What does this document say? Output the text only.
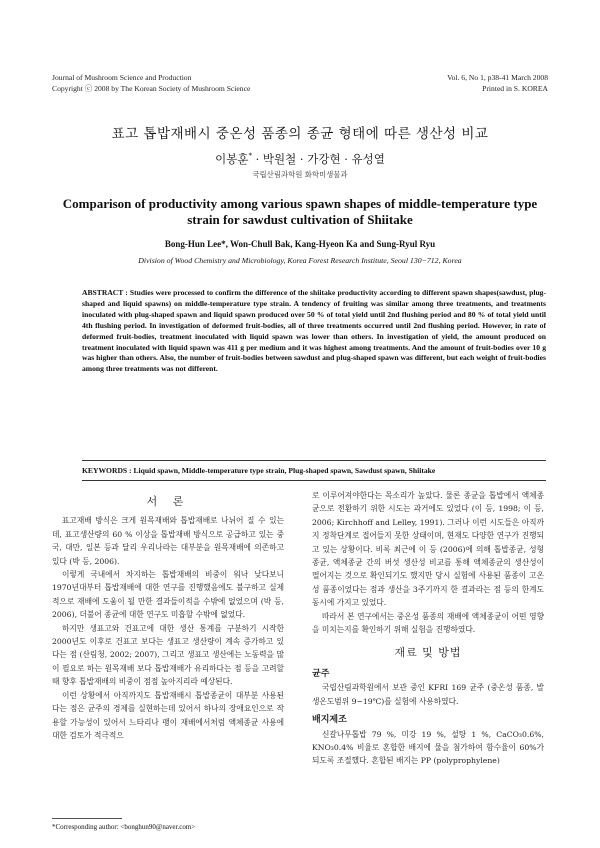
Journal of Mushroom Science and Production
Copyright ⓒ 2008 by The Korean Society of Mushroom Science
Vol. 6, No 1, p38-41 March 2008
Printed in S. KOREA
표고 톱밥재배시 중온성 품종의 종균 형태에 따른 생산성 비교
이봉훈* · 박원철 · 가강현 · 유성열
국립산림과학원 화학미생물과
Comparison of productivity among various spawn shapes of middle-temperature type strain for sawdust cultivation of Shiitake
Bong-Hun Lee*, Won-Chull Bak, Kang-Hyeon Ka and Sung-Ryul Ryu
Division of Wood Chemistry and Microbiology, Korea Forest Research Institute, Seoul 130−712, Korea
ABSTRACT : Studies were processed to confirm the difference of the shiitake productivity according to different spawn shapes(sawdust, plug-shaped and liquid spawns) on middle-temperature type strain. A tendency of fruiting was similar among three treatments, and treatments inoculated with plug-shaped spawn and liquid spawn produced over 50 % of total yield until 2nd flushing period and 80 % of total yield until 4th flushing period. In investigation of deformed fruit-bodies, all of three treatments occurred until 2nd flushing period. However, in rate of deformed fruit-bodies, treatment inoculated with liquid spawn was lower than others. In investigation of yield, the amount produced on treatment inoculated with liquid spawn was 411 g per medium and it was highest among treatments. And the amount of fruit-bodies over 10 g was higher than others. Also, the number of fruit-bodies between sawdust and plug-shaped spawn was different, but each weight of fruit-bodies among three treatments was not different.
KEYWORDS : Liquid spawn, Middle-temperature type strain, Plug-shaped spawn, Sawdust spawn, Shiitake
서 론

표고재배 방식은 크게 원목재배와 톱밥재배로 나뉘어 질 수 있는데, 표고생산량의 60 % 이상을 톱밥재배 방식으로 공급하고 있는 중국, 대만, 일본 등과 달리 우리나라는 대부분을 원목재배에 의존하고 있다 (박 등, 2006).

이렇게 국내에서 차지하는 톱밥재배의 비중이 워낙 낮다보니 1970년대부터 톱밥재배에 대한 연구를 진행했음에도 불구하고 실제적으로 재배에 도움이 될 만한 결과들이적을 수밖에 없었으며 (박 등, 2006), 더불어 종균에 대한 연구도 미흡할 수밖에 없었다.

하지만 생표고와 건표고에 대한 생산 통계를 구분하기 시작한 2000년도 이후로 건표고 보다는 생표고 생산량이 계속 증가하고 있다는 점 (산림청, 2002; 2007), 그리고 생표고 생산에는 노동력을 많이 필요로 하는 원목재배 보다 톱밥재배가 유리하다는 점 등을 고려할 때 향후 톱밥재배의 비중이 점점 높아지리라 예상된다.

이런 상황에서 아직까지도 톱밥재배시 톱밥종균이 대부분 사용된다는 점은 균주의 경제를 실현하는데 있어서 하나의 장애요인으로 작용할 가능성이 있어서 느타리나 팽이 재배에서처럼 액체종균 사용에 대한 검토가 적극적으

로 이루어져야한다는 목소리가 높았다. 물론 종균을 톱밥에서 액체종균으로 전환하기 위한 시도는 과거에도 있었다 (이 등, 1998; 이 등, 2006; Kirchhoff and Lelley, 1991). 그러나 이런 시도들은 아직까지 정착단계로 접어들지 못한 상태이며, 현재도 다양한 연구가 진행되고 있는 상황이다. 비록 최근에 이 등 (2006)에 의해 톱밥종균, 성형종균, 액체종균 간의 버섯 생산성 비교를 통해 액체종균의 생산성이 떨어지는 것으로 확인되기도 했지만 당시 실험에 사용된 품종이 고온성 품종이었다는 점과 생산을 3주기까지 한 결과라는 점 등의 한계도 동시에 가지고 있었다.

따라서 본 연구에서는 중온성 품종의 재배에 액체종균이 어떤 영향을 미치는지를 확인하기 위해 실험을 진행하였다.

재료 및 방법
균주

국립산림과학원에서 보관 중인 KFRI 169 균주 (중온성 품종, 발생온도범위 9~19℃)를 실험에 사용하였다.

배지제조

신갈나무톱밥 79 %, 미강 19 %, 설탕 1 %, CaCO₃0.6%, KNO₃0.4% 비율로 혼합한 배지에 물을 첨가하여 함수율이 60%가 되도록 조절했다. 혼합된 배지는 PP (polyprophylene)

*Corresponding author: <bonghun90@naver.com>
